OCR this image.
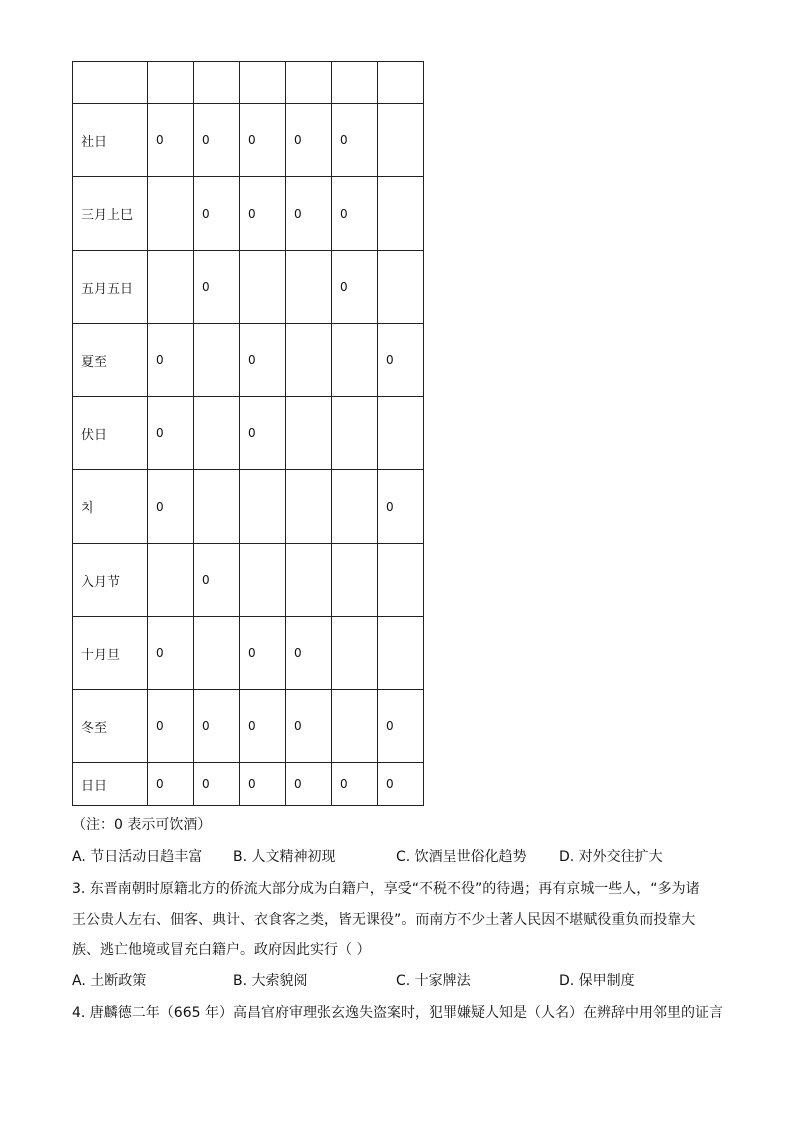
社日	0	0	0	0	0	
三月上巳		0	0	0	0	
五月五日		0			0	
夏至	0		0			0
伏日	0		0			
치	0					0
入月节		0				
十月旦	0		0	0		
冬至	0	0	0	0		0
日日	0	0	0	0	0	0
（注：0 表示可饮酒）
A. 节日活动日趋丰富 B. 人文精神初现	C. 饮酒呈世俗化趋势 D. 对外交往扩大
3. 东晋南朝时原籍北方的侨流大部分成为白籍户，享受“不税不役”的待遇；再有京城一些人，“多为诸
王公贵人左右、佃客、典计、衣食客之类，皆无课役”。而南方不少土著人民因不堪赋役重负而投靠大
族、逃亡他境或冒充白籍户。政府因此实行（ ）
A. 土断政策	B. 大索貌阅	C. 十家牌法	D. 保甲制度
4. 唐麟德二年（665 年）高昌官府审理张玄逸失盗案时，犯罪嫌疑人知是（人名）在辨辞中用邻里的证言
